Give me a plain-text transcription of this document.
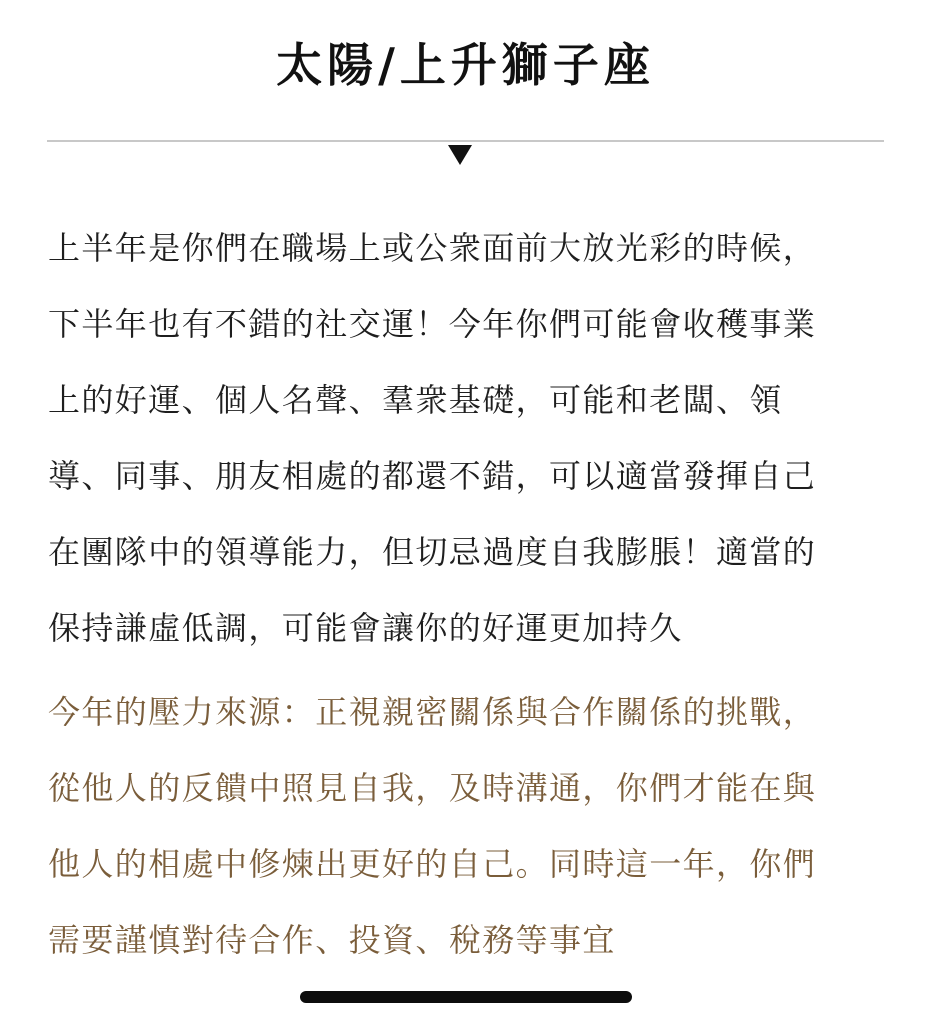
太陽/上升獅子座

上半年是你們在職場上或公衆面前大放光彩的時候，
下半年也有不錯的社交運！今年你們可能會收穫事業
上的好運、個人名聲、羣衆基礎，可能和老闆、領
導、同事、朋友相處的都還不錯，可以適當發揮自己
在團隊中的領導能力，但切忌過度自我膨脹！適當的
保持謙虛低調，可能會讓你的好運更加持久

今年的壓力來源：正視親密關係與合作關係的挑戰，
從他人的反饋中照見自我，及時溝通，你們才能在與
他人的相處中修煉出更好的自己。同時這一年，你們
需要謹慎對待合作、投資、稅務等事宜
